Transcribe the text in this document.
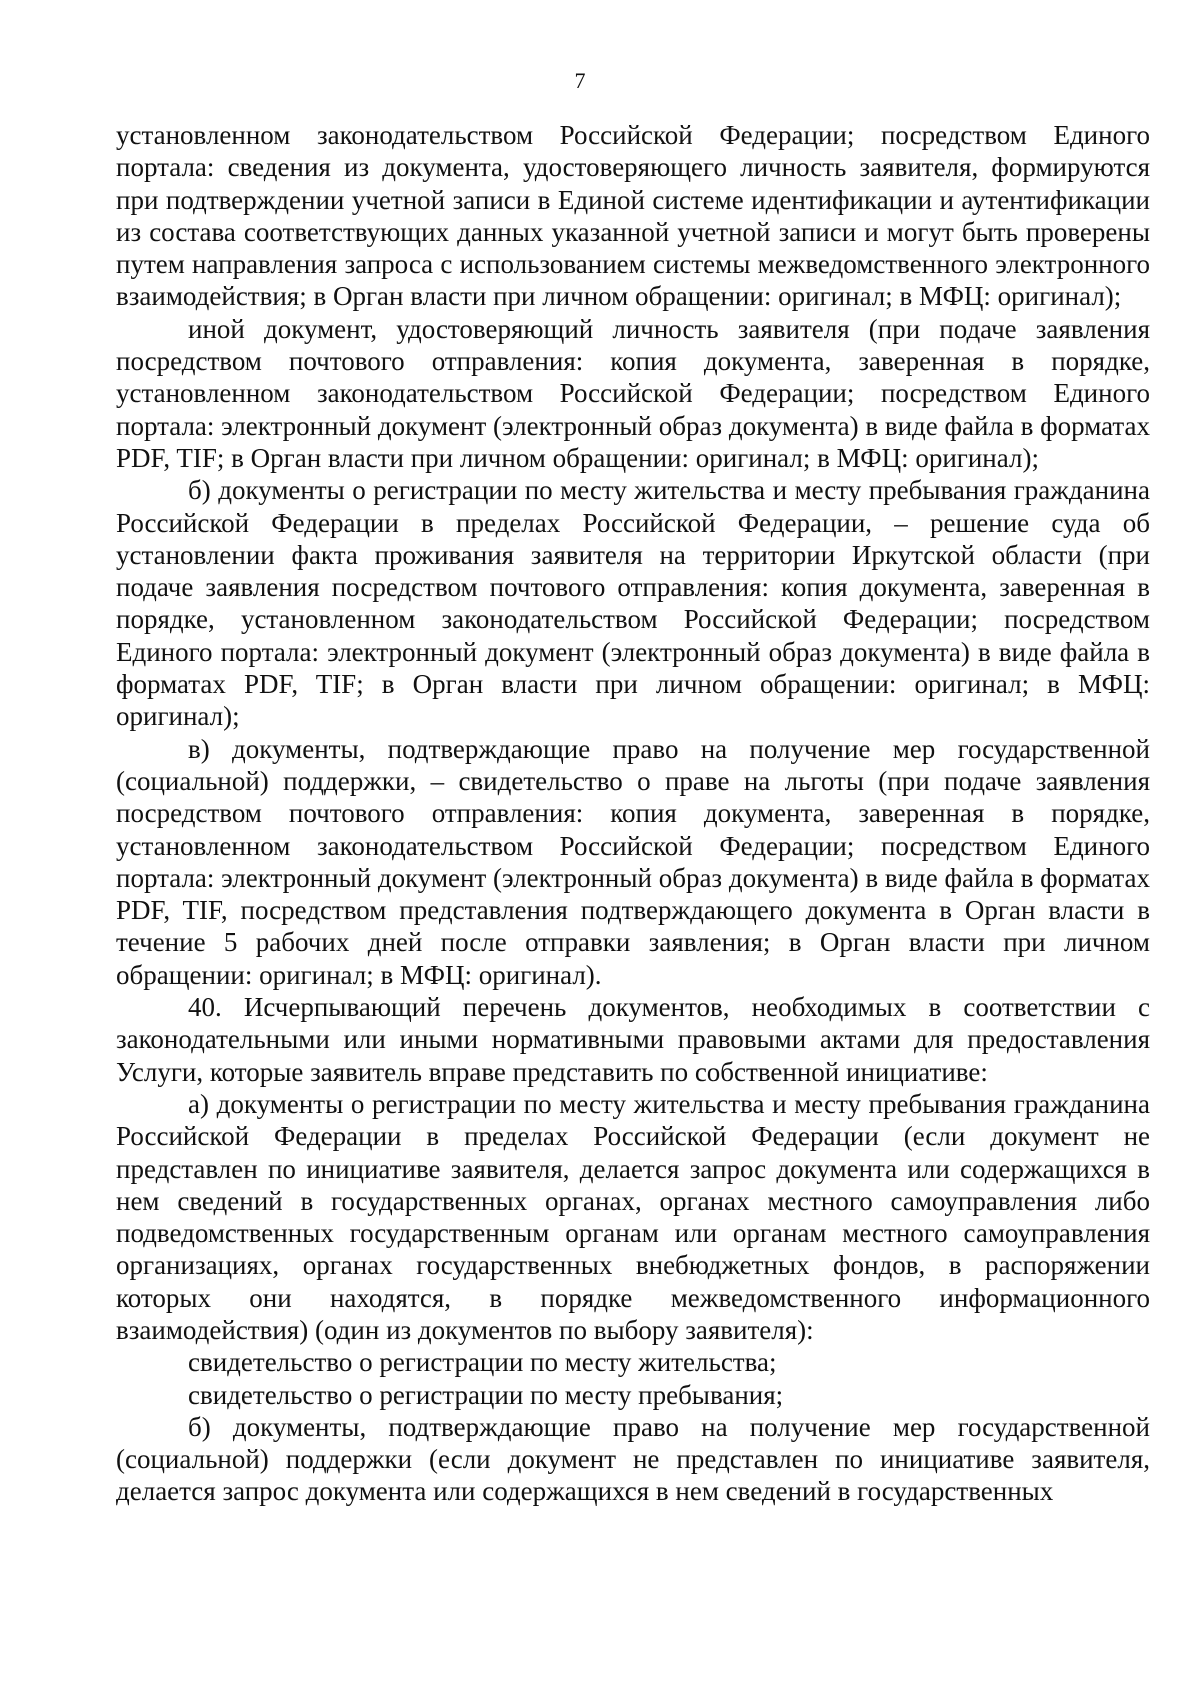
7

установленном законодательством Российской Федерации; посредством Единого портала: сведения из документа, удостоверяющего личность заявителя, формируются при подтверждении учетной записи в Единой системе идентификации и аутентификации из состава соответствующих данных указанной учетной записи и могут быть проверены путем направления запроса с использованием системы межведомственного электронного взаимодействия; в Орган власти при личном обращении: оригинал; в МФЦ: оригинал);

иной документ, удостоверяющий личность заявителя (при подаче заявления посредством почтового отправления: копия документа, заверенная в порядке, установленном законодательством Российской Федерации; посредством Единого портала: электронный документ (электронный образ документа) в виде файла в форматах PDF, TIF; в Орган власти при личном обращении: оригинал; в МФЦ: оригинал);

б) документы о регистрации по месту жительства и месту пребывания гражданина Российской Федерации в пределах Российской Федерации, – решение суда об установлении факта проживания заявителя на территории Иркутской области (при подаче заявления посредством почтового отправления: копия документа, заверенная в порядке, установленном законодательством Российской Федерации; посредством Единого портала: электронный документ (электронный образ документа) в виде файла в форматах PDF, TIF; в Орган власти при личном обращении: оригинал; в МФЦ: оригинал);

в) документы, подтверждающие право на получение мер государственной (социальной) поддержки, – свидетельство о праве на льготы (при подаче заявления посредством почтового отправления: копия документа, заверенная в порядке, установленном законодательством Российской Федерации; посредством Единого портала: электронный документ (электронный образ документа) в виде файла в форматах PDF, TIF, посредством представления подтверждающего документа в Орган власти в течение 5 рабочих дней после отправки заявления; в Орган власти при личном обращении: оригинал; в МФЦ: оригинал).

40. Исчерпывающий перечень документов, необходимых в соответствии с законодательными или иными нормативными правовыми актами для предоставления Услуги, которые заявитель вправе представить по собственной инициативе:

а) документы о регистрации по месту жительства и месту пребывания гражданина Российской Федерации в пределах Российской Федерации (если документ не представлен по инициативе заявителя, делается запрос документа или содержащихся в нем сведений в государственных органах, органах местного самоуправления либо подведомственных государственным органам или органам местного самоуправления организациях, органах государственных внебюджетных фондов, в распоряжении которых они находятся, в порядке межведомственного информационного взаимодействия) (один из документов по выбору заявителя):

свидетельство о регистрации по месту жительства;

свидетельство о регистрации по месту пребывания;

б) документы, подтверждающие право на получение мер государственной (социальной) поддержки (если документ не представлен по инициативе заявителя, делается запрос документа или содержащихся в нем сведений в государственных
